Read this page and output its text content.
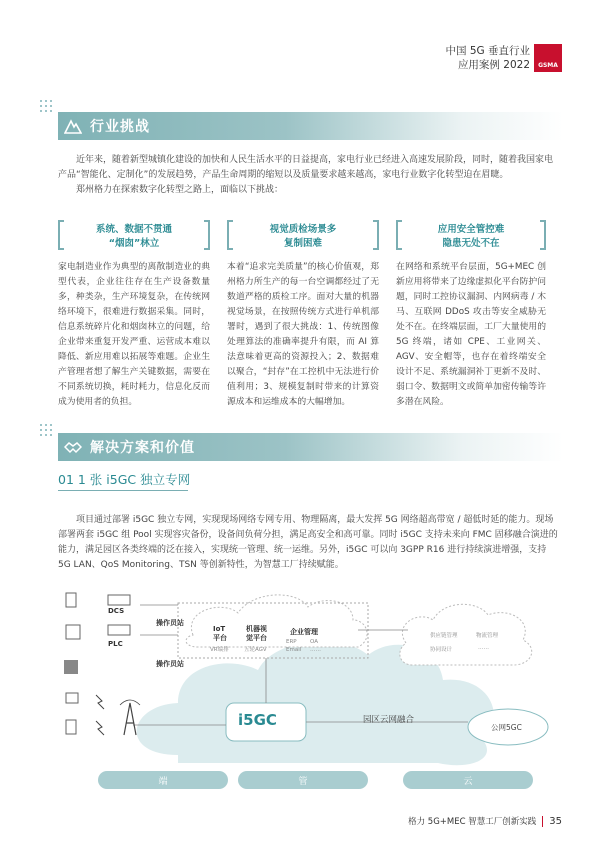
中国 5G 垂直行业
应用案例 2022 GSMA
行业挑战

近年来，随着新型城镇化建设的加快和人民生活水平的日益提高，家电行业已经进入高速发展阶段，同时，随着我国家电产品“智能化、定制化”的发展趋势，产品生命周期的缩短以及质量要求越来越高，家电行业数字化转型迫在眉睫。

郑州格力在探索数字化转型之路上，面临以下挑战：

系统、数据不贯通
“烟囱”林立
家电制造业作为典型的离散制造业的典型代表，企业往往存在生产设备数量多，种类杂，生产环境复杂，在传统网络环境下，很难进行数据采集。同时，信息系统碎片化和烟囱林立的问题，给企业带来重复开发严重、运营成本难以降低、新应用难以拓展等难题。企业生产管理者想了解生产关键数据，需要在不同系统切换，耗时耗力，信息化反而成为使用者的负担。
视觉质检场景多
复制困难
本着“追求完美质量”的核心价值观，郑州格力所生产的每一台空调都经过了无数道严格的质检工序。面对大量的机器视觉场景，在按照传统方式进行单机部署时，遇到了很大挑战：1、传统图像处理算法的准确率提升有限，而 AI 算法意味着更高的资源投入；2、数据难以聚合，“封存”在工控机中无法进行价值利用；3、规模复制时带来的计算资源成本和运维成本的大幅增加。
应用安全管控难
隐患无处不在
在网络和系统平台层面，5G+MEC 创新应用将带来了边缘虚拟化平台防护问题，同时工控协议漏洞、内网病毒 / 木马、互联网 DDoS 攻击等安全威胁无处不在。在终端层面，工厂大量使用的 5G 终端，诸如 CPE、工业网关、AGV、安全帽等，也存在着终端安全设计不足、系统漏洞补丁更新不及时、弱口令、数据明文或简单加密传输等许多潜在风险。
解决方案和价值
01 1 张 i5GC 独立专网

项目通过部署 i5GC 独立专网，实现现场网络专网专用、物理隔离，最大发挥 5G 网络超高带宽 / 超低时延的能力。现场部署两套 i5GC 组 Pool 实现容灾备份，设备间负荷分担，满足高安全和高可靠。同时 i5GC 支持未来向 FMC 固移融合演进的能力，满足园区各类终端的泛在接入，实现统一管理、统一运维。另外，i5GC 可以向 3GPP R16 进行持续演进增强，支持 5G LAN、QoS Monitoring、TSN 等创新特性，为智慧工厂持续赋能。

DCS
PLC
操作员站
操作员站
IoT
平台
机器视
觉平台
VR编排	五轮AGV
企业管理
ERP OA
Email ……
供应链管理	物流管理
协同设计	……
i5GC	园区云网融合
公网5GC
端	管	云
格力 5G+MEC 智慧工厂创新实践 35
